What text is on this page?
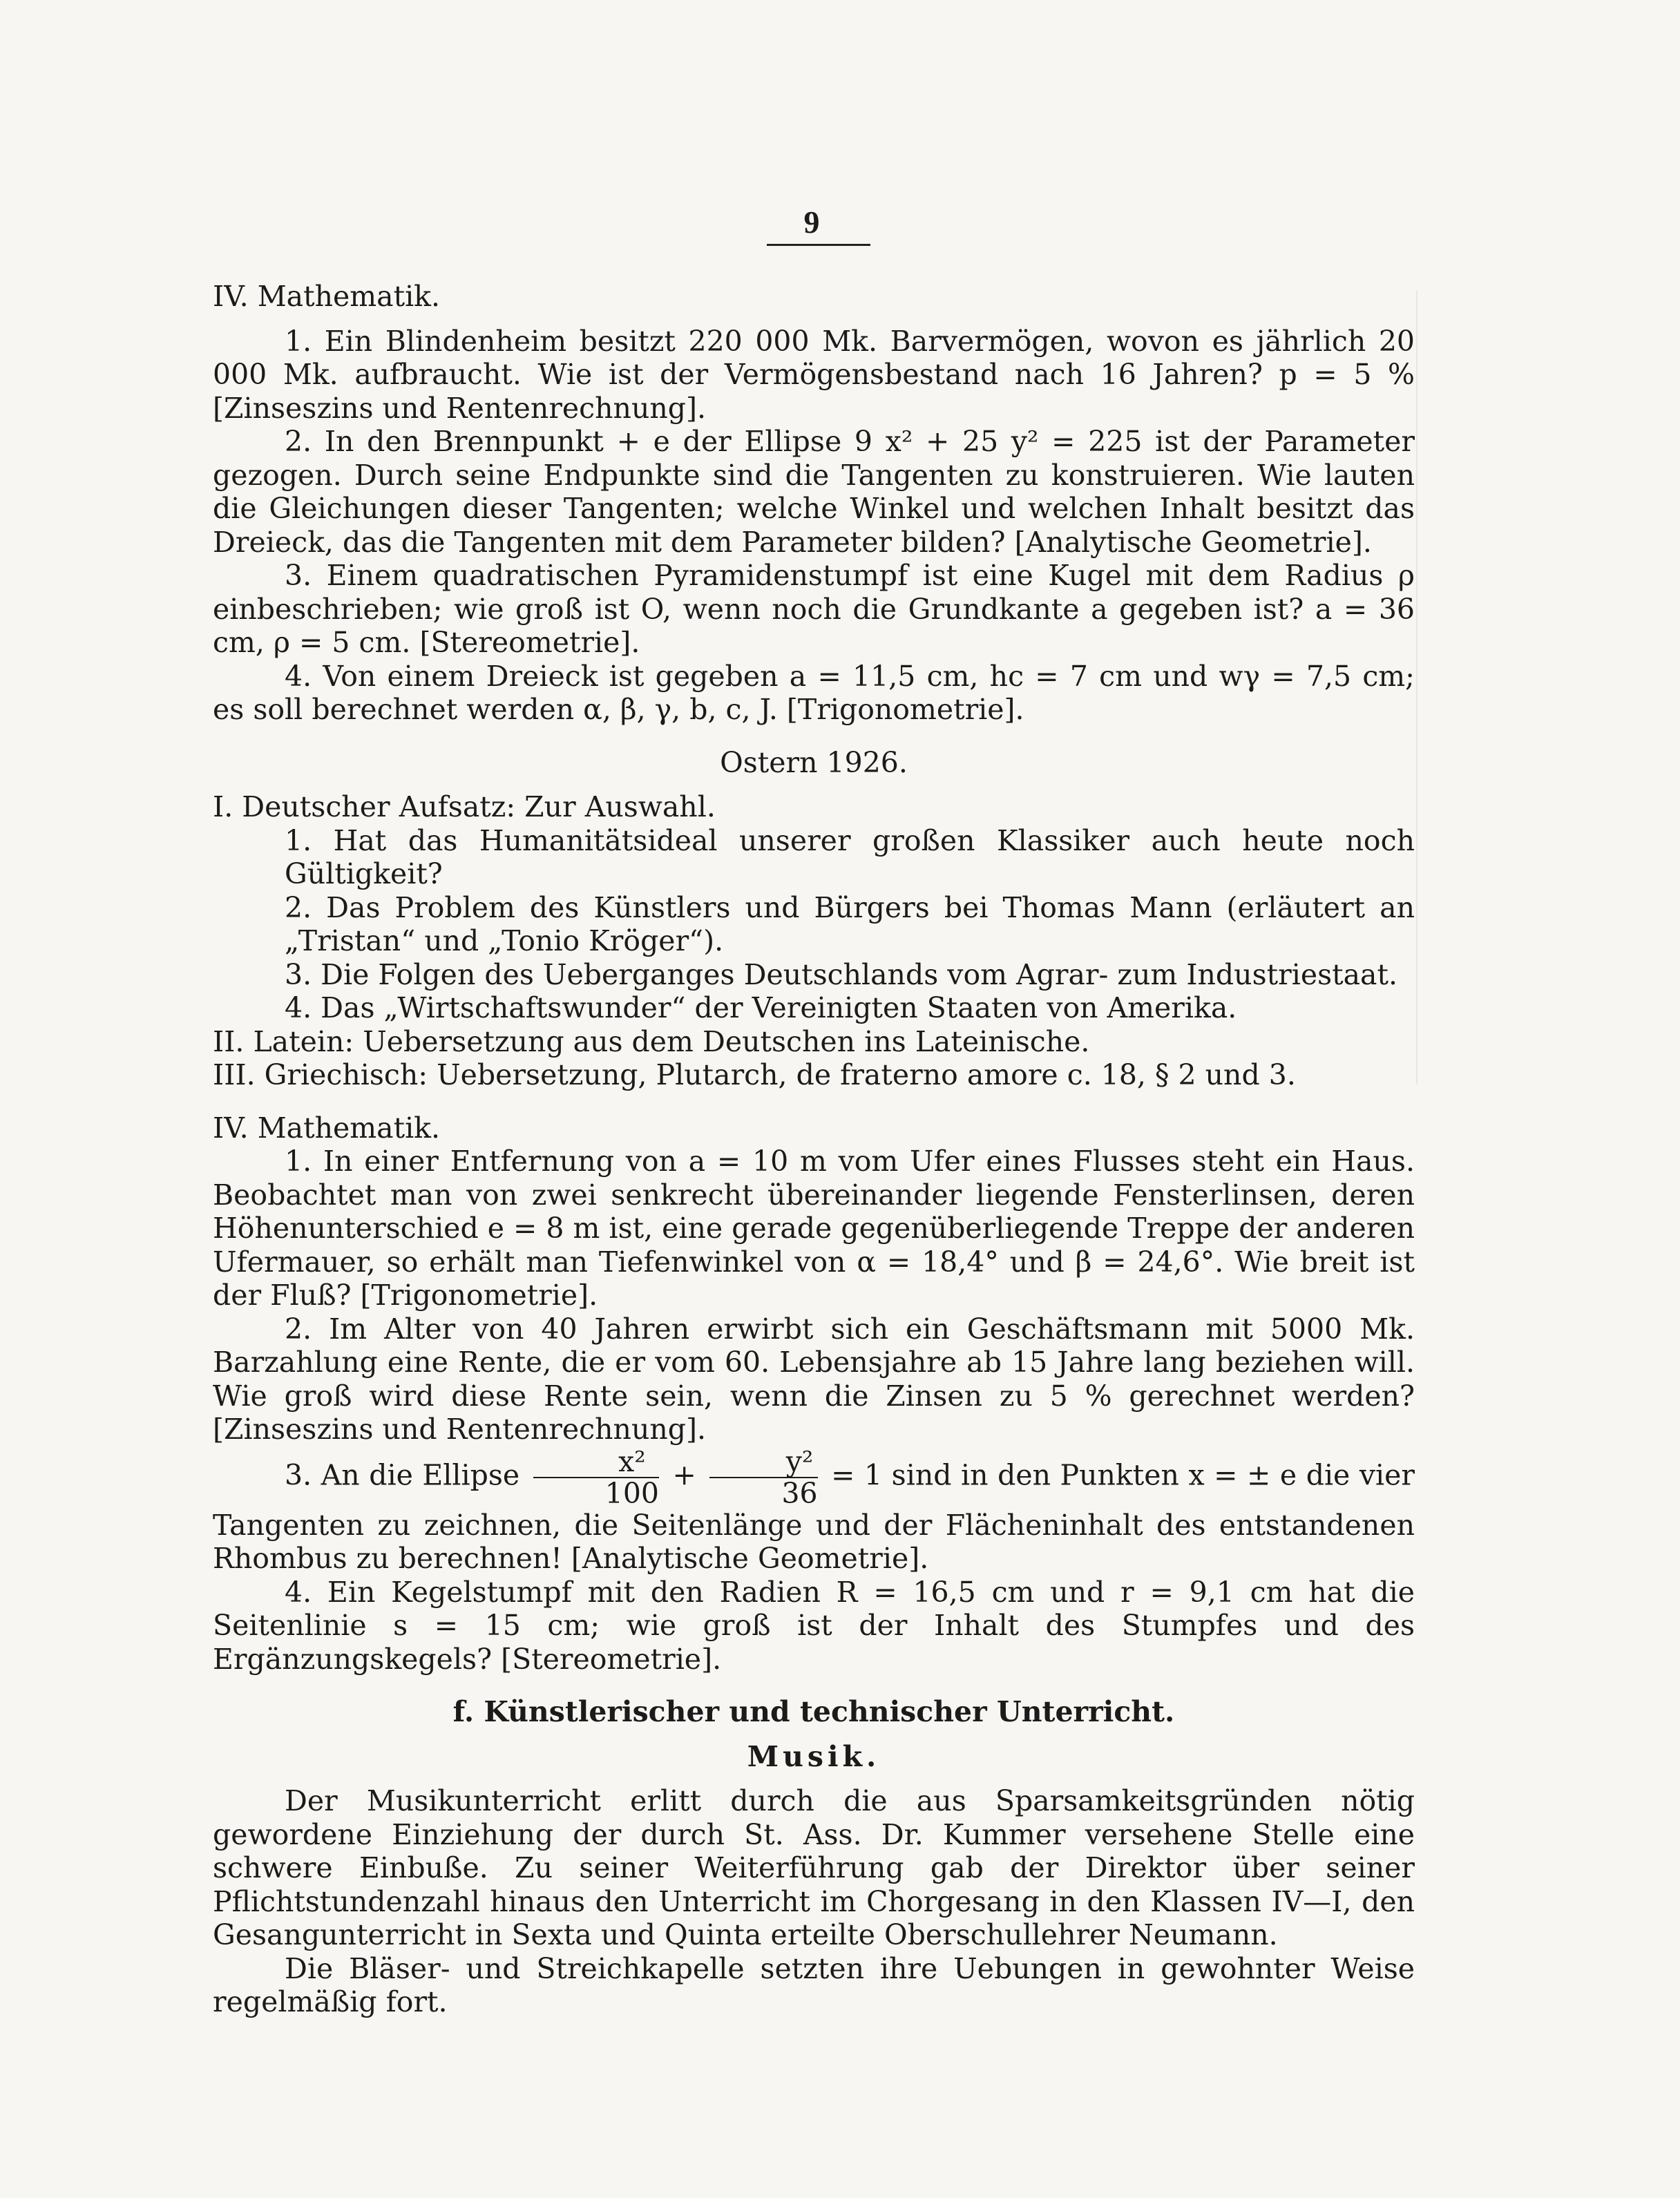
9

IV. Mathematik.

1. Ein Blindenheim besitzt 220 000 Mk. Barvermögen, wovon es jährlich 20 000 Mk. aufbraucht. Wie ist der Vermögensbestand nach 16 Jahren? p = 5 % [Zinseszins und Rentenrechnung].

2. In den Brennpunkt + e der Ellipse 9 x² + 25 y² = 225 ist der Parameter gezogen. Durch seine Endpunkte sind die Tangenten zu konstruieren. Wie lauten die Gleichungen dieser Tangenten; welche Winkel und welchen Inhalt besitzt das Dreieck, das die Tangenten mit dem Parameter bilden? [Analytische Geometrie].

3. Einem quadratischen Pyramidenstumpf ist eine Kugel mit dem Radius ρ einbeschrieben; wie groß ist O, wenn noch die Grundkante a gegeben ist? a = 36 cm, ρ = 5 cm. [Stereometrie].

4. Von einem Dreieck ist gegeben a = 11,5 cm, hc = 7 cm und wγ = 7,5 cm; es soll berechnet werden α, β, γ, b, c, J. [Trigonometrie].

Ostern 1926.

I. Deutscher Aufsatz: Zur Auswahl.

1. Hat das Humanitätsideal unserer großen Klassiker auch heute noch Gültigkeit?

2. Das Problem des Künstlers und Bürgers bei Thomas Mann (erläutert an „Tristan“ und „Tonio Kröger“).

3. Die Folgen des Ueberganges Deutschlands vom Agrar- zum Industriestaat.

4. Das „Wirtschaftswunder“ der Vereinigten Staaten von Amerika.

II. Latein: Uebersetzung aus dem Deutschen ins Lateinische.

III. Griechisch: Uebersetzung, Plutarch, de fraterno amore c. 18, § 2 und 3.

IV. Mathematik.

1. In einer Entfernung von a = 10 m vom Ufer eines Flusses steht ein Haus. Beobachtet man von zwei senkrecht übereinander liegende Fensterlinsen, deren Höhenunterschied e = 8 m ist, eine gerade gegenüberliegende Treppe der anderen Ufermauer, so erhält man Tiefenwinkel von α = 18,4° und β = 24,6°. Wie breit ist der Fluß? [Trigonometrie].

2. Im Alter von 40 Jahren erwirbt sich ein Geschäftsmann mit 5000 Mk. Barzahlung eine Rente, die er vom 60. Lebensjahre ab 15 Jahre lang beziehen will. Wie groß wird diese Rente sein, wenn die Zinsen zu 5 % gerechnet werden? [Zinseszins und Rentenrechnung].

3. An die Ellipse $\frac{\text{x²}}{100} + \frac{\text{y²}}{36} = 1$ sind in den Punkten x = ± e die vier Tangenten zu zeichnen, die Seitenlänge und der Flächeninhalt des entstandenen Rhombus zu berechnen! [Analytische Geometrie].

4. Ein Kegelstumpf mit den Radien R = 16,5 cm und r = 9,1 cm hat die Seitenlinie s = 15 cm; wie groß ist der Inhalt des Stumpfes und des Ergänzungskegels? [Stereometrie].

f. Künstlerischer und technischer Unterricht.

Musik.

Der Musikunterricht erlitt durch die aus Sparsamkeitsgründen nötig gewordene Einziehung der durch St. Ass. Dr. Kummer versehene Stelle eine schwere Einbuße. Zu seiner Weiterführung gab der Direktor über seiner Pflichtstundenzahl hinaus den Unterricht im Chorgesang in den Klassen IV—I, den Gesangunterricht in Sexta und Quinta erteilte Oberschullehrer Neumann.

Die Bläser- und Streichkapelle setzten ihre Uebungen in gewohnter Weise regelmäßig fort.
